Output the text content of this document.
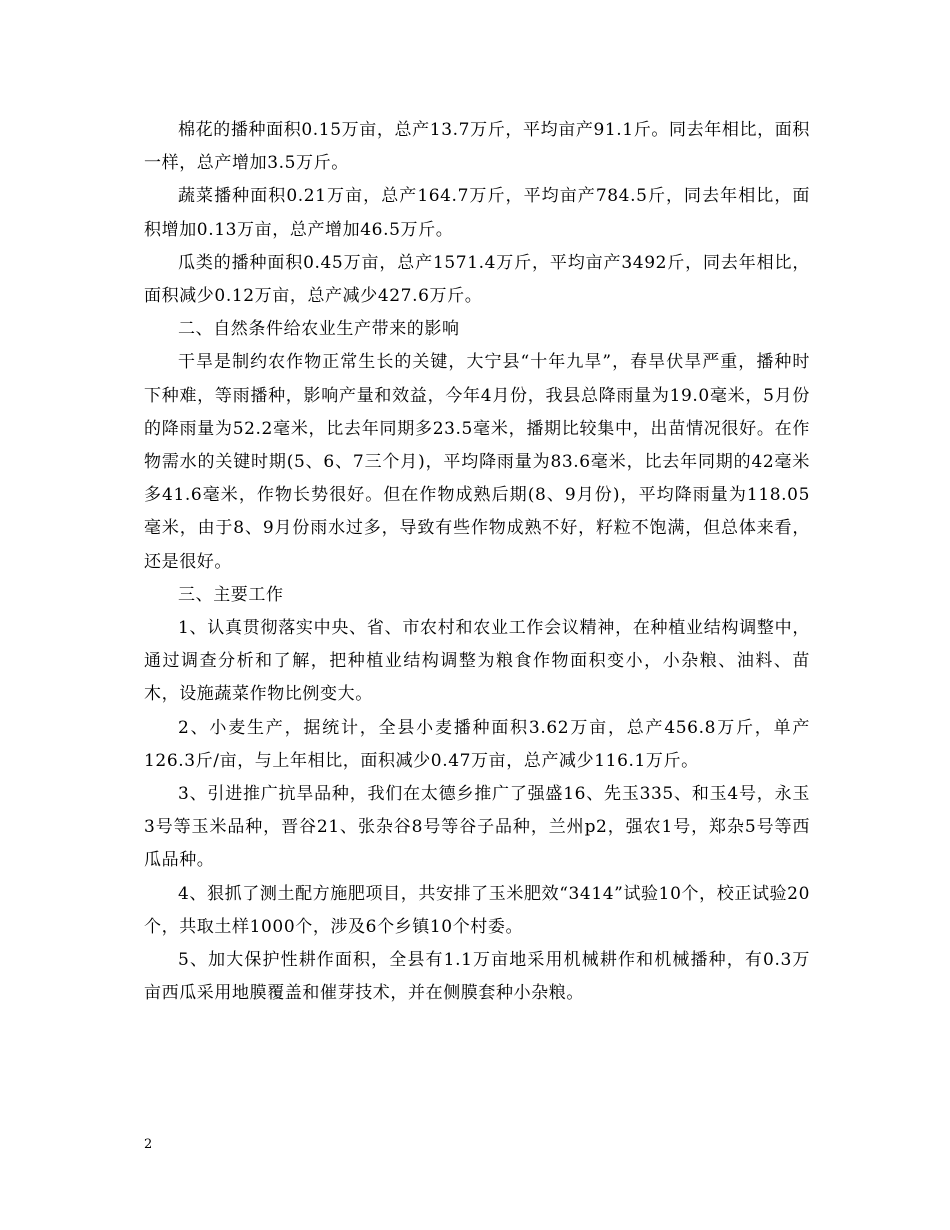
棉花的播种面积0.15万亩，总产13.7万斤，平均亩产91.1斤。同去年相比，面积一样，总产增加3.5万斤。

蔬菜播种面积0.21万亩，总产164.7万斤，平均亩产784.5斤，同去年相比，面积增加0.13万亩，总产增加46.5万斤。

瓜类的播种面积0.45万亩，总产1571.4万斤，平均亩产3492斤，同去年相比，面积减少0.12万亩，总产减少427.6万斤。

二、自然条件给农业生产带来的影响

干旱是制约农作物正常生长的关键，大宁县“十年九旱”，春旱伏旱严重，播种时下种难，等雨播种，影响产量和效益，今年4月份，我县总降雨量为19.0毫米，5月份的降雨量为52.2毫米，比去年同期多23.5毫米，播期比较集中，出苗情况很好。在作物需水的关键时期(5、6、7三个月)，平均降雨量为83.6毫米，比去年同期的42毫米多41.6毫米，作物长势很好。但在作物成熟后期(8、9月份)，平均降雨量为118.05毫米，由于8、9月份雨水过多，导致有些作物成熟不好，籽粒不饱满，但总体来看，还是很好。

三、主要工作

1、认真贯彻落实中央、省、市农村和农业工作会议精神，在种植业结构调整中，通过调查分析和了解，把种植业结构调整为粮食作物面积变小，小杂粮、油料、苗木，设施蔬菜作物比例变大。

2、小麦生产，据统计，全县小麦播种面积3.62万亩，总产456.8万斤，单产126.3斤/亩，与上年相比，面积减少0.47万亩，总产减少116.1万斤。

3、引进推广抗旱品种，我们在太德乡推广了强盛16、先玉335、和玉4号，永玉3号等玉米品种，晋谷21、张杂谷8号等谷子品种，兰州p2，强农1号，郑杂5号等西瓜品种。

4、狠抓了测土配方施肥项目，共安排了玉米肥效“3414”试验10个，校正试验20个，共取土样1000个，涉及6个乡镇10个村委。

5、加大保护性耕作面积，全县有1.1万亩地采用机械耕作和机械播种，有0.3万亩西瓜采用地膜覆盖和催芽技术，并在侧膜套种小杂粮。

2
